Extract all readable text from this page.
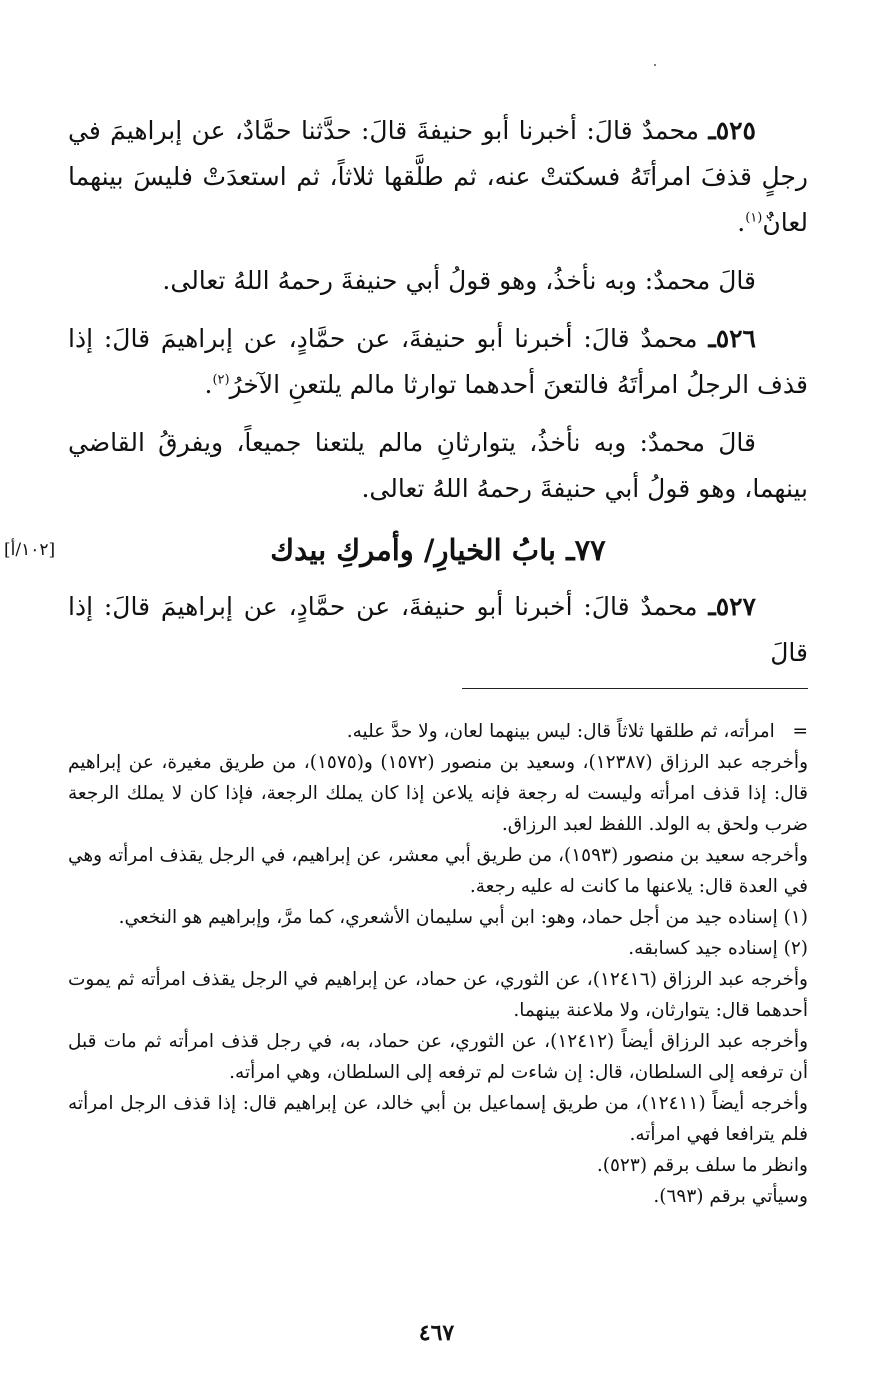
٥٢٥ـ محمدٌ قالَ: أخبرنا أبو حنيفةَ قالَ: حدَّثنا حمَّادٌ، عن إبراهيمَ في رجلٍ قذفَ امرأتَهُ فسكتتْ عنه، ثم طلَّقها ثلاثاً، ثم استعدَتْ فليسَ بينهما لعانٌ$^{(١)}$.

قالَ محمدٌ: وبه نأخذُ، وهو قولُ أبي حنيفةَ رحمهُ اللهُ تعالى.

٥٢٦ـ محمدٌ قالَ: أخبرنا أبو حنيفةَ، عن حمَّادٍ، عن إبراهيمَ قالَ: إذا قذف الرجلُ امرأتَهُ فالتعنَ أحدهما توارثا مالم يلتعنِ الآخرُ$^{(٢)}$.

قالَ محمدٌ: وبه نأخذُ، يتوارثانِ مالم يلتعنا جميعاً، ويفرقُ القاضي بينهما، وهو قولُ أبي حنيفةَ رحمهُ اللهُ تعالى.

٧٧ـ بابُ الخيارِ/ وأمركِ بيدك

٥٢٧ـ محمدٌ قالَ: أخبرنا أبو حنيفةَ، عن حمَّادٍ، عن إبراهيمَ قالَ: إذا قالَ

[١٠٢/أ]

=   امرأته، ثم طلقها ثلاثاً قال: ليس بينهما لعان، ولا حدَّ عليه.

وأخرجه عبد الرزاق (١٢٣٨٧)، وسعيد بن منصور (١٥٧٢) و(١٥٧٥)، من طريق مغيرة، عن إبراهيم قال: إذا قذف امرأته وليست له رجعة فإنه يلاعن إذا كان يملك الرجعة، فإذا كان لا يملك الرجعة ضرب ولحق به الولد. اللفظ لعبد الرزاق.

وأخرجه سعيد بن منصور (١٥٩٣)، من طريق أبي معشر، عن إبراهيم، في الرجل يقذف امرأته وهي في العدة قال: يلاعنها ما كانت له عليه رجعة.

(١) إسناده جيد من أجل حماد، وهو: ابن أبي سليمان الأشعري، كما مرَّ، وإبراهيم هو النخعي.

(٢) إسناده جيد كسابقه.

وأخرجه عبد الرزاق (١٢٤١٦)، عن الثوري، عن حماد، عن إبراهيم في الرجل يقذف امرأته ثم يموت أحدهما قال: يتوارثان، ولا ملاعنة بينهما.

وأخرجه عبد الرزاق أيضاً (١٢٤١٢)، عن الثوري، عن حماد، به، في رجل قذف امرأته ثم مات قبل أن ترفعه إلى السلطان، قال: إن شاءت لم ترفعه إلى السلطان، وهي امرأته.

وأخرجه أيضاً (١٢٤١١)، من طريق إسماعيل بن أبي خالد، عن إبراهيم قال: إذا قذف الرجل امرأته فلم يترافعا فهي امرأته.

وانظر ما سلف برقم (٥٢٣).

وسيأتي برقم (٦٩٣).

٤٦٧
